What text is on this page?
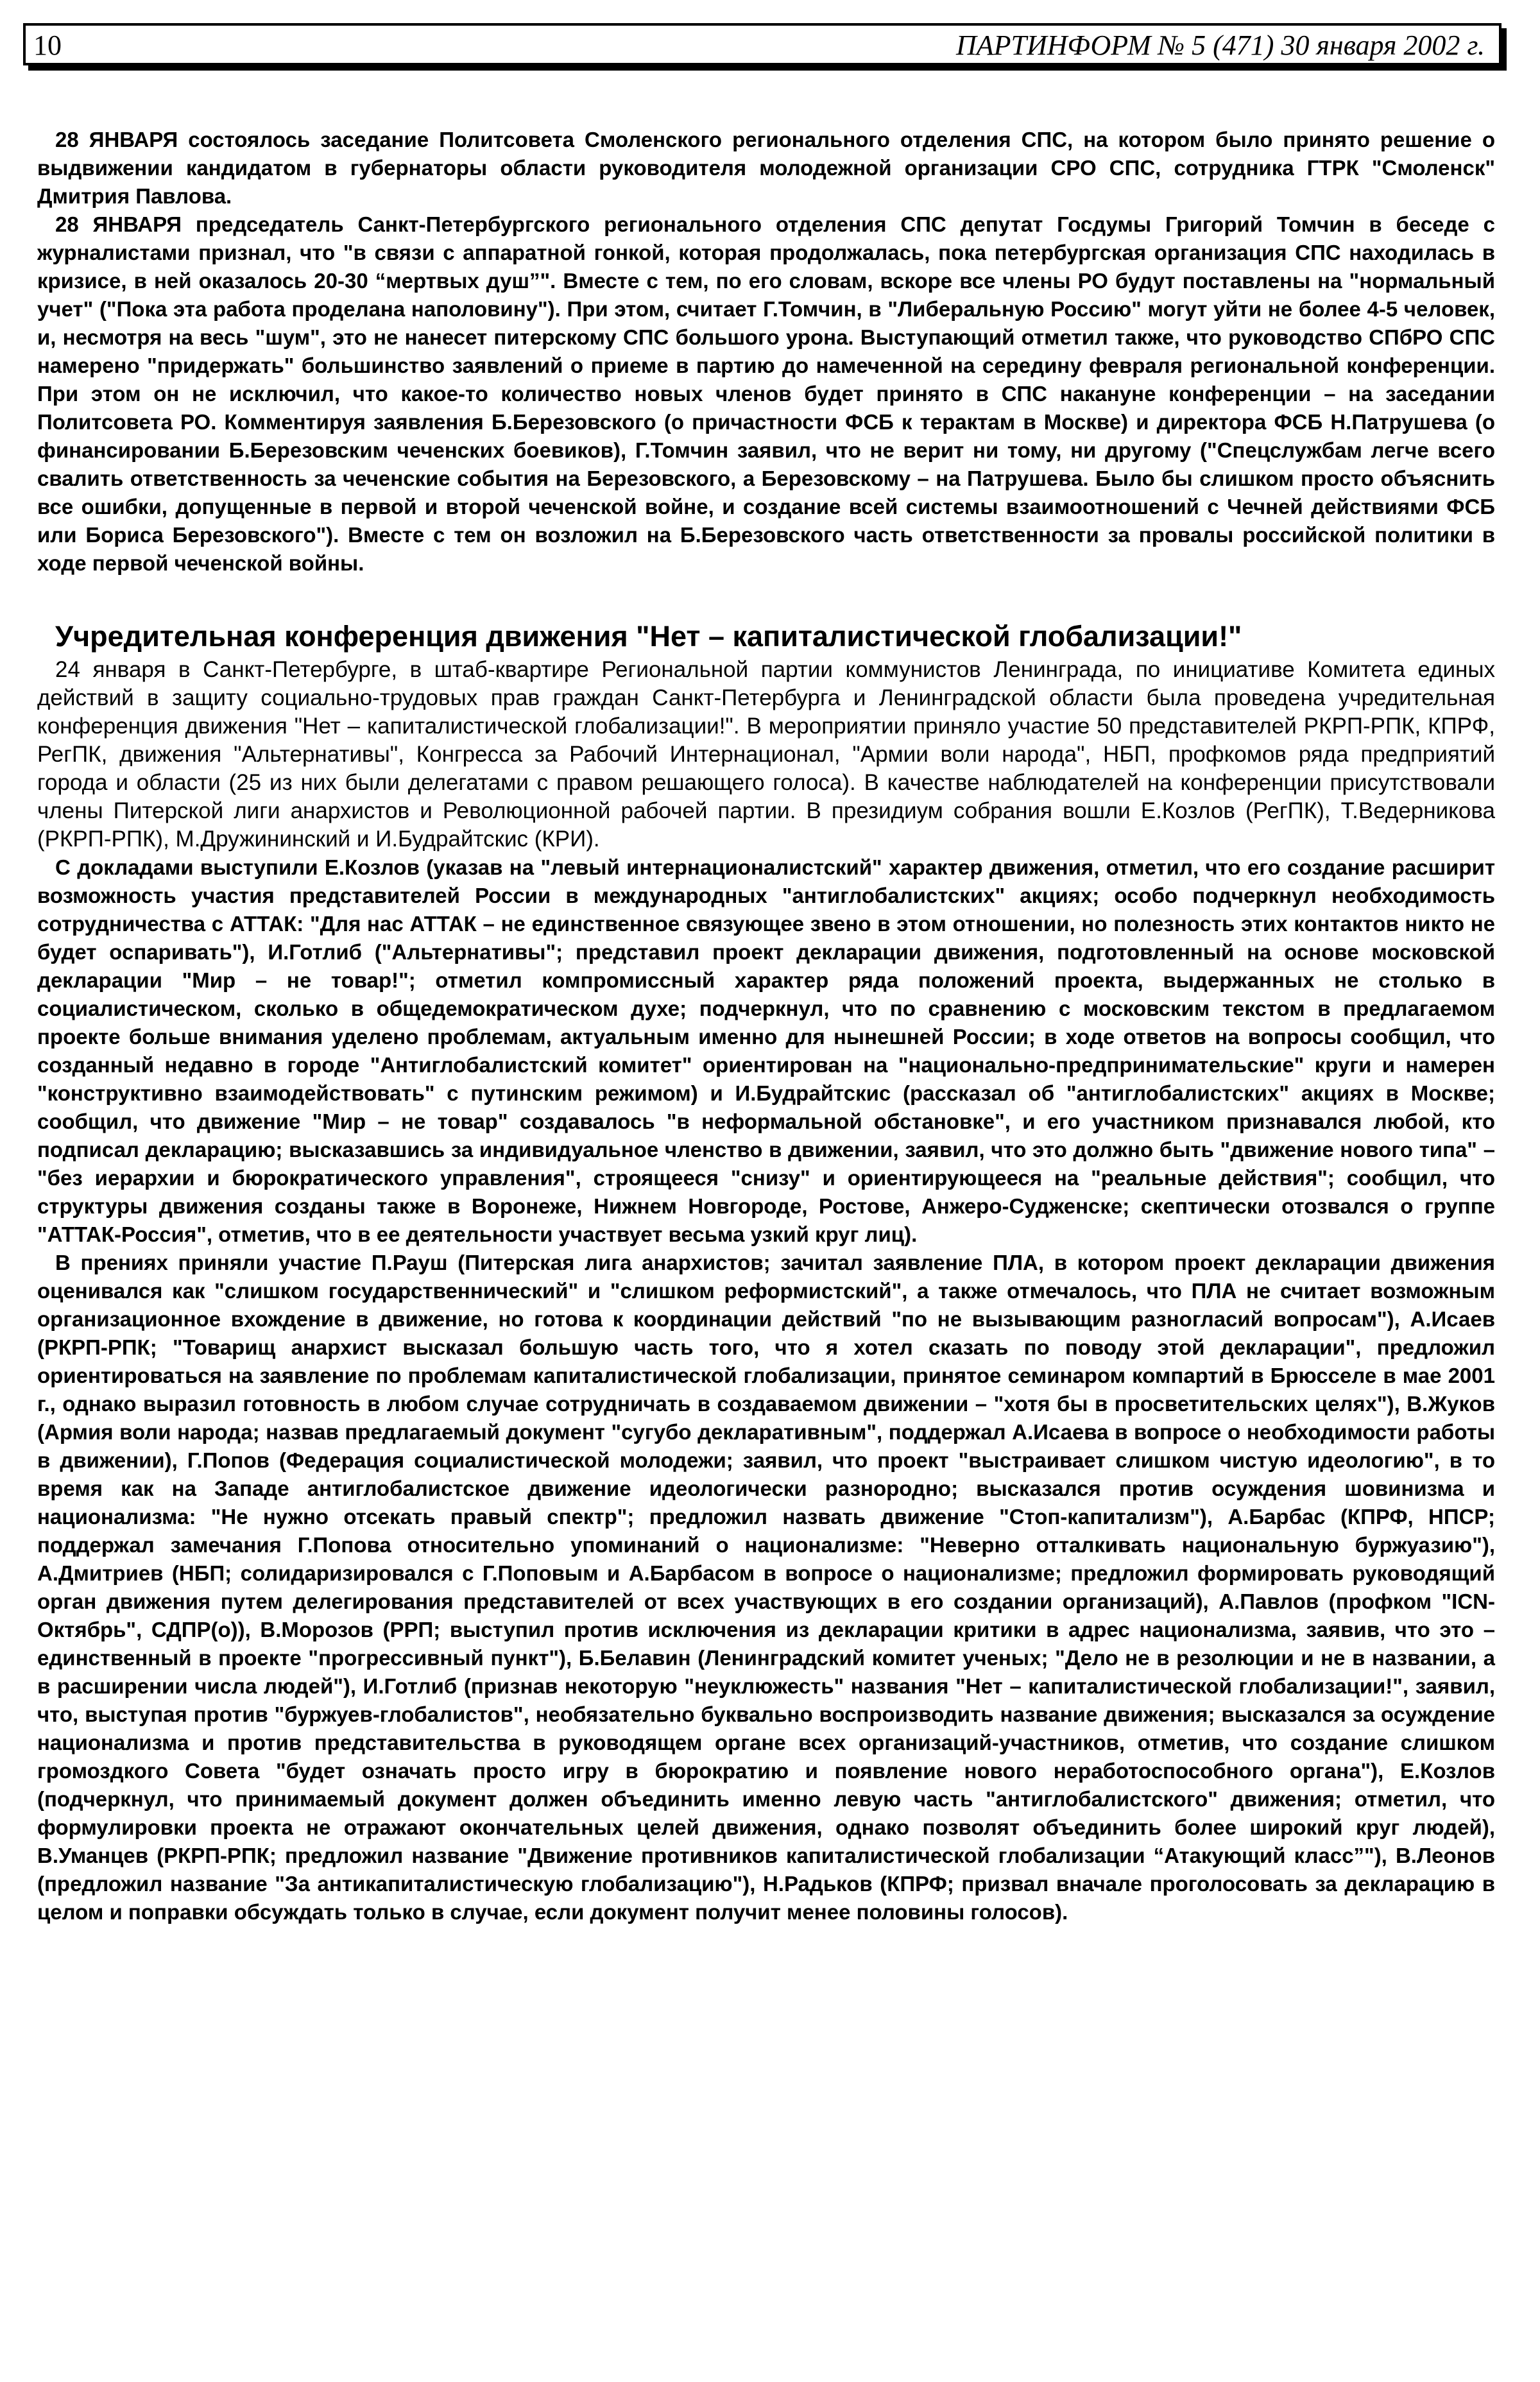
10	ПАРТИНФОРМ № 5 (471) 30 января 2002 г.

28 ЯНВАРЯ состоялось заседание Политсовета Смоленского регионального отделения СПС, на котором было принято решение о выдвижении кандидатом в губернаторы области руководителя молодежной организации СРО СПС, сотрудника ГТРК "Смоленск" Дмитрия Павлова.

28 ЯНВАРЯ председатель Санкт-Петербургского регионального отделения СПС депутат Госдумы Григорий Томчин в беседе с журналистами признал, что "в связи с аппаратной гонкой, которая продолжалась, пока петербургская организация СПС находилась в кризисе, в ней оказалось 20-30 “мертвых душ”". Вместе с тем, по его словам, вскоре все члены РО будут поставлены на "нормальный учет" ("Пока эта работа проделана наполовину"). При этом, считает Г.Томчин, в "Либеральную Россию" могут уйти не более 4-5 человек, и, несмотря на весь "шум", это не нанесет питерскому СПС большого урона. Выступающий отметил также, что руководство СПбРО СПС намерено "придержать" большинство заявлений о приеме в партию до намеченной на середину февраля региональной конференции. При этом он не исключил, что какое-то количество новых членов будет принято в СПС накануне конференции – на заседании Политсовета РО. Комментируя заявления Б.Березовского (о причастности ФСБ к терактам в Москве) и директора ФСБ Н.Патрушева (о финансировании Б.Березовским чеченских боевиков), Г.Томчин заявил, что не верит ни тому, ни другому ("Спецслужбам легче всего свалить ответственность за чеченские события на Березовского, а Березовскому – на Патрушева. Было бы слишком просто объяснить все ошибки, допущенные в первой и второй чеченской войне, и создание всей системы взаимоотношений с Чечней действиями ФСБ или Бориса Березовского"). Вместе с тем он возложил на Б.Березовского часть ответственности за провалы российской политики в ходе первой чеченской войны.

Учредительная конференция движения "Нет – капиталистической глобализации!"

24 января в Санкт-Петербурге, в штаб-квартире Региональной партии коммунистов Ленинграда, по инициативе Комитета единых действий в защиту социально-трудовых прав граждан Санкт-Петербурга и Ленинградской области была проведена учредительная конференция движения "Нет – капиталистической глобализации!". В мероприятии приняло участие 50 представителей РКРП-РПК, КПРФ, РегПК, движения "Альтернативы", Конгресса за Рабочий Интернационал, "Армии воли народа", НБП, профкомов ряда предприятий города и области (25 из них были делегатами с правом решающего голоса). В качестве наблюдателей на конференции присутствовали члены Питерской лиги анархистов и Революционной рабочей партии. В президиум собрания вошли Е.Козлов (РегПК), Т.Ведерникова (РКРП-РПК), М.Дружининский и И.Будрайтскис (КРИ).

С докладами выступили Е.Козлов (указав на "левый интернационалистский" характер движения, отметил, что его создание расширит возможность участия представителей России в международных "антиглобалистских" акциях; особо подчеркнул необходимость сотрудничества с АТТАК: "Для нас АТТАК – не единственное связующее звено в этом отношении, но полезность этих контактов никто не будет оспаривать"), И.Готлиб ("Альтернативы"; представил проект декларации движения, подготовленный на основе московской декларации "Мир – не товар!"; отметил компромиссный характер ряда положений проекта, выдержанных не столько в социалистическом, сколько в общедемократическом духе; подчеркнул, что по сравнению с московским текстом в предлагаемом проекте больше внимания уделено проблемам, актуальным именно для нынешней России; в ходе ответов на вопросы сообщил, что созданный недавно в городе "Антиглобалистский комитет" ориентирован на "национально-предпринимательские" круги и намерен "конструктивно взаимодействовать" с путинским режимом) и И.Будрайтскис (рассказал об "антиглобалистских" акциях в Москве; сообщил, что движение "Мир – не товар" создавалось "в неформальной обстановке", и его участником признавался любой, кто подписал декларацию; высказавшись за индивидуальное членство в движении, заявил, что это должно быть "движение нового типа" – "без иерархии и бюрократического управления", строящееся "снизу" и ориентирующееся на "реальные действия"; сообщил, что структуры движения созданы также в Воронеже, Нижнем Новгороде, Ростове, Анжеро-Судженске; скептически отозвался о группе "АТТАК-Россия", отметив, что в ее деятельности участвует весьма узкий круг лиц).

В прениях приняли участие П.Рауш (Питерская лига анархистов; зачитал заявление ПЛА, в котором проект декларации движения оценивался как "слишком государственнический" и "слишком реформистский", а также отмечалось, что ПЛА не считает возможным организационное вхождение в движение, но готова к координации действий "по не вызывающим разногласий вопросам"), А.Исаев (РКРП-РПК; "Товарищ анархист высказал большую часть того, что я хотел сказать по поводу этой декларации", предложил ориентироваться на заявление по проблемам капиталистической глобализации, принятое семинаром компартий в Брюсселе в мае 2001 г., однако выразил готовность в любом случае сотрудничать в создаваемом движении – "хотя бы в просветительских целях"), В.Жуков (Армия воли народа; назвав предлагаемый документ "сугубо декларативным", поддержал А.Исаева в вопросе о необходимости работы в движении), Г.Попов (Федерация социалистической молодежи; заявил, что проект "выстраивает слишком чистую идеологию", в то время как на Западе антиглобалистское движение идеологически разнородно; высказался против осуждения шовинизма и национализма: "Не нужно отсекать правый спектр"; предложил назвать движение "Стоп-капитализм"), А.Барбас (КПРФ, НПСР; поддержал замечания Г.Попова относительно упоминаний о национализме: "Неверно отталкивать национальную буржуазию"), А.Дмитриев (НБП; солидаризировался с Г.Поповым и А.Барбасом в вопросе о национализме; предложил формировать руководящий орган движения путем делегирования представителей от всех участвующих в его создании организаций), А.Павлов (профком "ICN-Октябрь", СДПР(о)), В.Морозов (РРП; выступил против исключения из декларации критики в адрес национализма, заявив, что это – единственный в проекте "прогрессивный пункт"), Б.Белавин (Ленинградский комитет ученых; "Дело не в резолюции и не в названии, а в расширении числа людей"), И.Готлиб (признав некоторую "неуклюжесть" названия "Нет – капиталистической глобализации!", заявил, что, выступая против "буржуев-глобалистов", необязательно буквально воспроизводить название движения; высказался за осуждение национализма и против представительства в руководящем органе всех организаций-участников, отметив, что создание слишком громоздкого Совета "будет означать просто игру в бюрократию и появление нового неработоспособного органа"), Е.Козлов (подчеркнул, что принимаемый документ должен объединить именно левую часть "антиглобалистского" движения; отметил, что формулировки проекта не отражают окончательных целей движения, однако позволят объединить более широкий круг людей), В.Уманцев (РКРП-РПК; предложил название "Движение противников капиталистической глобализации “Атакующий класс”"), В.Леонов (предложил название "За антикапиталистическую глобализацию"), Н.Радьков (КПРФ; призвал вначале проголосовать за декларацию в целом и поправки обсуждать только в случае, если документ получит менее половины голосов).
